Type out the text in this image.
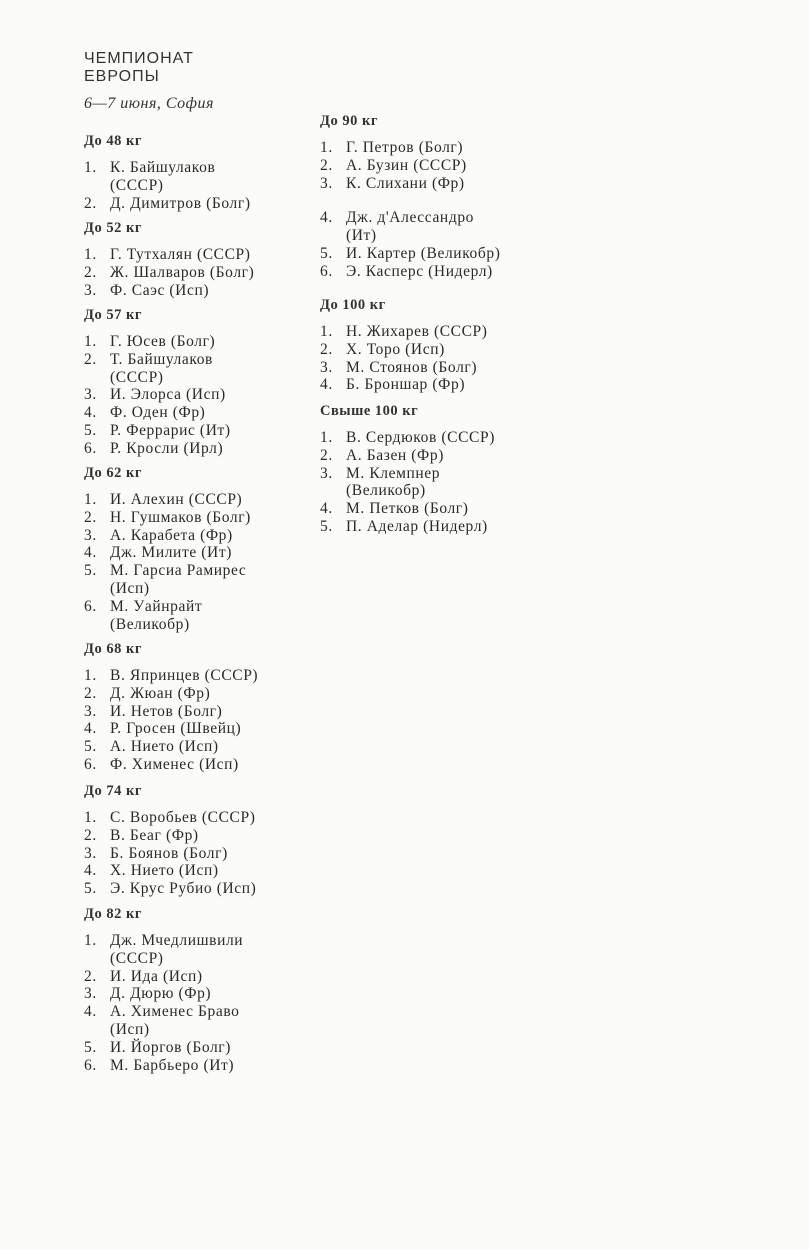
ЧЕМПИОНАТ
ЕВРОПЫ
6—7 июня, София
До 48 кг
1. К. Байшулаков
(СССР)
2. Д. Димитров (Болг)
До 52 кг
1. Г. Тутхалян (СССР)
2. Ж. Шалваров (Болг)
3. Ф. Саэс (Исп)
До 57 кг
1. Г. Юсев (Болг)
2. Т. Байшулаков
(СССР)
3. И. Элорса (Исп)
4. Ф. Оден (Фр)
5. Р. Феррарис (Ит)
6. Р. Кросли (Ирл)
До 62 кг
1. И. Алехин (СССР)
2. Н. Гушмаков (Болг)
3. А. Карабета (Фр)
4. Дж. Милите (Ит)
5. М. Гарсиа Рамирес
(Исп)
6. М. Уайнрайт
(Великобр)
До 68 кг
1. В. Япринцев (СССР)
2. Д. Жюан (Фр)
3. И. Нетов (Болг)
4. Р. Гросен (Швейц)
5. А. Нието (Исп)
6. Ф. Хименес (Исп)
До 74 кг
1. С. Воробьев (СССР)
2. В. Беаг (Фр)
3. Б. Боянов (Болг)
4. Х. Нието (Исп)
5. Э. Крус Рубио (Исп)
До 82 кг
1. Дж. Мчедлишвили
(СССР)
2. И. Ида (Исп)
3. Д. Дюрю (Фр)
4. А. Хименес Браво
(Исп)
5. И. Йоргов (Болг)
6. М. Барбьеро (Ит)
До 90 кг
1. Г. Петров (Болг)
2. А. Бузин (СССР)
3. К. Слихани (Фр)
4. Дж. д'Алессандро
(Ит)
5. И. Картер (Великобр)
6. Э. Касперс (Нидерл)
До 100 кг
1. Н. Жихарев (СССР)
2. Х. Торо (Исп)
3. М. Стоянов (Болг)
4. Б. Броншар (Фр)
Свыше 100 кг
1. В. Сердюков (СССР)
2. А. Базен (Фр)
3. М. Клемпнер
(Великобр)
4. М. Петков (Болг)
5. П. Аделар (Нидерл)
